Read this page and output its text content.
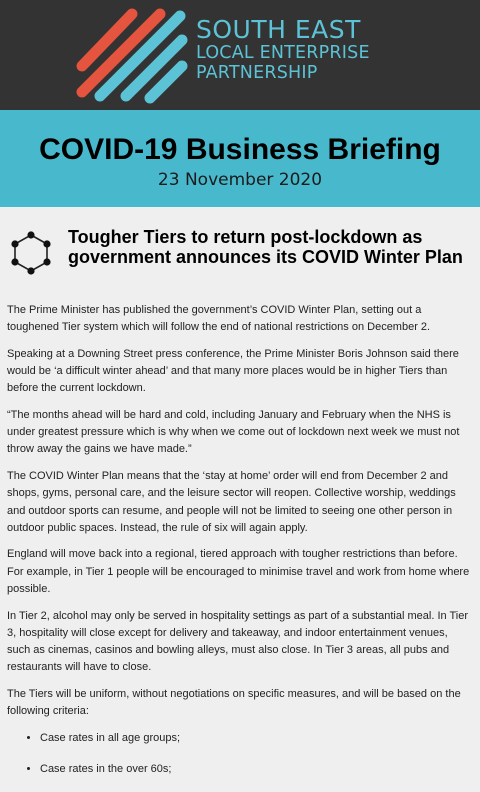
SOUTH EAST
LOCAL ENTERPRISE
PARTNERSHIP
COVID-19 Business Briefing
23 November 2020
Tougher Tiers to return post-lockdown as government announces its COVID Winter Plan

The Prime Minister has published the government’s COVID Winter Plan, setting out a toughened Tier system which will follow the end of national restrictions on December 2.

Speaking at a Downing Street press conference, the Prime Minister Boris Johnson said there would be ‘a difficult winter ahead’ and that many more places would be in higher Tiers than before the current lockdown.

“The months ahead will be hard and cold, including January and February when the NHS is under greatest pressure which is why when we come out of lockdown next week we must not throw away the gains we have made.”

The COVID Winter Plan means that the ‘stay at home’ order will end from December 2 and shops, gyms, personal care, and the leisure sector will reopen. Collective worship, weddings and outdoor sports can resume, and people will not be limited to seeing one other person in outdoor public spaces. Instead, the rule of six will again apply.

England will move back into a regional, tiered approach with tougher restrictions than before. For example, in Tier 1 people will be encouraged to minimise travel and work from home where possible.

In Tier 2, alcohol may only be served in hospitality settings as part of a substantial meal. In Tier 3, hospitality will close except for delivery and takeaway, and indoor entertainment venues, such as cinemas, casinos and bowling alleys, must also close. In Tier 3 areas, all pubs and restaurants will have to close.

The Tiers will be uniform, without negotiations on specific measures, and will be based on the following criteria:

• Case rates in all age groups;
• Case rates in the over 60s;
